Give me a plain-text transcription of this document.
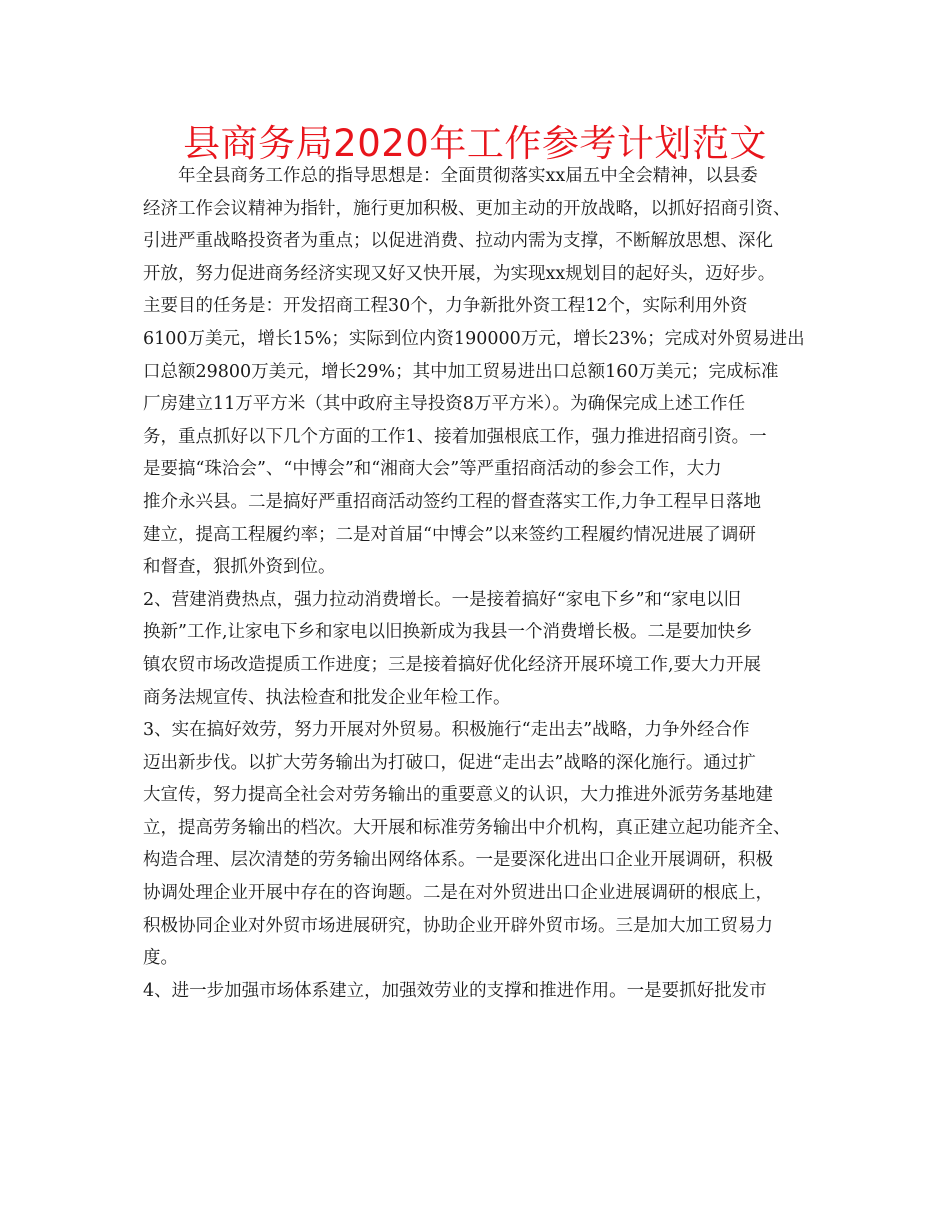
县商务局2020年工作参考计划范文
年全县商务工作总的指导思想是：全面贯彻落实xx届五中全会精神，以县委
经济工作会议精神为指针，施行更加积极、更加主动的开放战略，以抓好招商引资、
引进严重战略投资者为重点；以促进消费、拉动内需为支撑，不断解放思想、深化
开放，努力促进商务经济实现又好又快开展，为实现xx规划目的起好头，迈好步。
主要目的任务是：开发招商工程30个，力争新批外资工程12个，实际利用外资
6100万美元，增长15%；实际到位内资190000万元，增长23%；完成对外贸易进出
口总额29800万美元，增长29%；其中加工贸易进出口总额160万美元；完成标准
厂房建立11万平方米（其中政府主导投资8万平方米）。为确保完成上述工作任
务，重点抓好以下几个方面的工作1、接着加强根底工作，强力推进招商引资。一
是要搞“珠洽会”、“中博会”和“湘商大会”等严重招商活动的参会工作，大力
推介永兴县。二是搞好严重招商活动签约工程的督查落实工作,力争工程早日落地
建立，提高工程履约率；二是对首届“中博会”以来签约工程履约情况进展了调研
和督查，狠抓外资到位。
2、营建消费热点，强力拉动消费增长。一是接着搞好“家电下乡”和“家电以旧
换新”工作,让家电下乡和家电以旧换新成为我县一个消费增长极。二是要加快乡
镇农贸市场改造提质工作进度；三是接着搞好优化经济开展环境工作,要大力开展
商务法规宣传、执法检查和批发企业年检工作。
3、实在搞好效劳，努力开展对外贸易。积极施行“走出去”战略，力争外经合作
迈出新步伐。以扩大劳务输出为打破口，促进“走出去”战略的深化施行。通过扩
大宣传，努力提高全社会对劳务输出的重要意义的认识，大力推进外派劳务基地建
立，提高劳务输出的档次。大开展和标准劳务输出中介机构，真正建立起功能齐全、
构造合理、层次清楚的劳务输出网络体系。一是要深化进出口企业开展调研，积极
协调处理企业开展中存在的咨询题。二是在对外贸进出口企业进展调研的根底上，
积极协同企业对外贸市场进展研究，协助企业开辟外贸市场。三是加大加工贸易力
度。
4、进一步加强市场体系建立，加强效劳业的支撑和推进作用。一是要抓好批发市
